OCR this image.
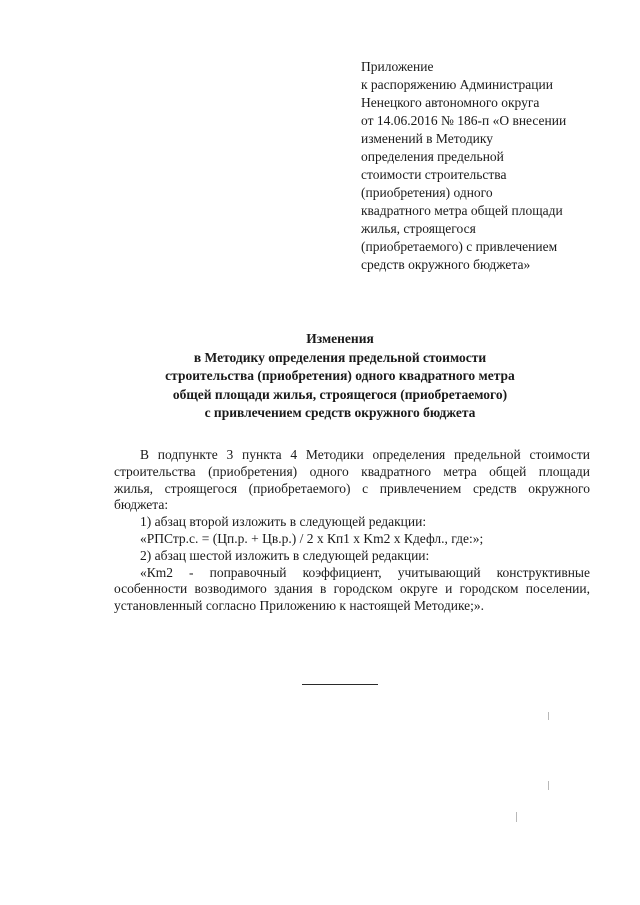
Приложение
к распоряжению Администрации
Ненецкого автономного округа
от 14.06.2016 № 186-п «О внесении
изменений в Методику
определения предельной
стоимости строительства
(приобретения) одного
квадратного метра общей площади
жилья, строящегося
(приобретаемого) с привлечением
средств окружного бюджета»
Изменения
в Методику определения предельной стоимости
строительства (приобретения) одного квадратного метра
общей площади жилья, строящегося (приобретаемого)
с привлечением средств окружного бюджета
В подпункте 3 пункта 4 Методики определения предельной стоимости
строительства (приобретения) одного квадратного метра общей площади
жилья, строящегося (приобретаемого) с привлечением средств окружного
бюджета:
1) абзац второй изложить в следующей редакции:
«РПСтр.с. = (Цп.р. + Цв.р.) / 2 х Кп1 х Km2 х Кдефл., где:»;
2) абзац шестой изложить в следующей редакции:
«Кm2 - поправочный коэффициент, учитывающий конструктивные
особенности возводимого здания в городском округе и городском поселении,
установленный согласно Приложению к настоящей Методике;».
